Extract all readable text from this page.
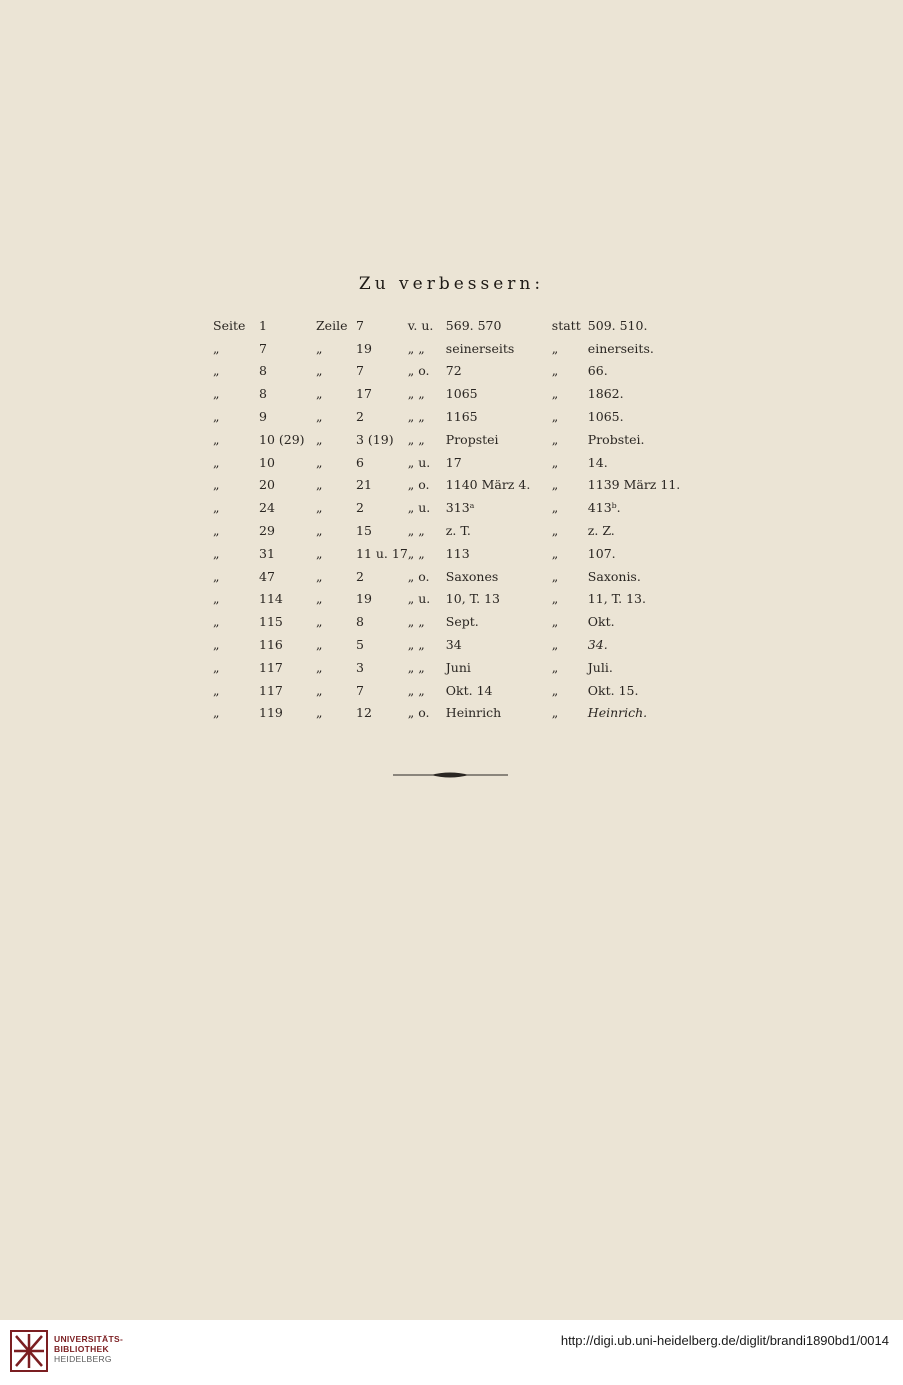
Zu verbessern:
Seite	1	Zeile	7	v. u.	569. 570	statt	509. 510.
„	7	„	19	„ „	seinerseits	„	einerseits.
„	8	„	7	„ o.	72	„	66.
„	8	„	17	„ „	1065	„	1862.
„	9	„	2	„ „	1165	„	1065.
„	10 (29)	„	3 (19)	„ „	Propstei	„	Probstei.
„	10	„	6	„ u.	17	„	14.
„	20	„	21	„ o.	1140 März 4.	„	1139 März 11.
„	24	„	2	„ u.	313ᵃ	„	413ᵇ.
„	29	„	15	„ „	z. T.	„	z. Z.
„	31	„	11 u. 17	„ „	113	„	107.
„	47	„	2	„ o.	Saxones	„	Saxonis.
„	114	„	19	„ u.	10, T. 13	„	11, T. 13.
„	115	„	8	„ „	Sept.	„	Okt.
„	116	„	5	„ „	34	„	34.
„	117	„	3	„ „	Juni	„	Juli.
„	117	„	7	„ „	Okt. 14	„	Okt. 15.
„	119	„	12	„ o.	Heinrich	„	Heinrich.
UNIVERSITÄTS-
BIBLIOTHEK
HEIDELBERG
http://digi.ub.uni-heidelberg.de/diglit/brandi1890bd1/0014
